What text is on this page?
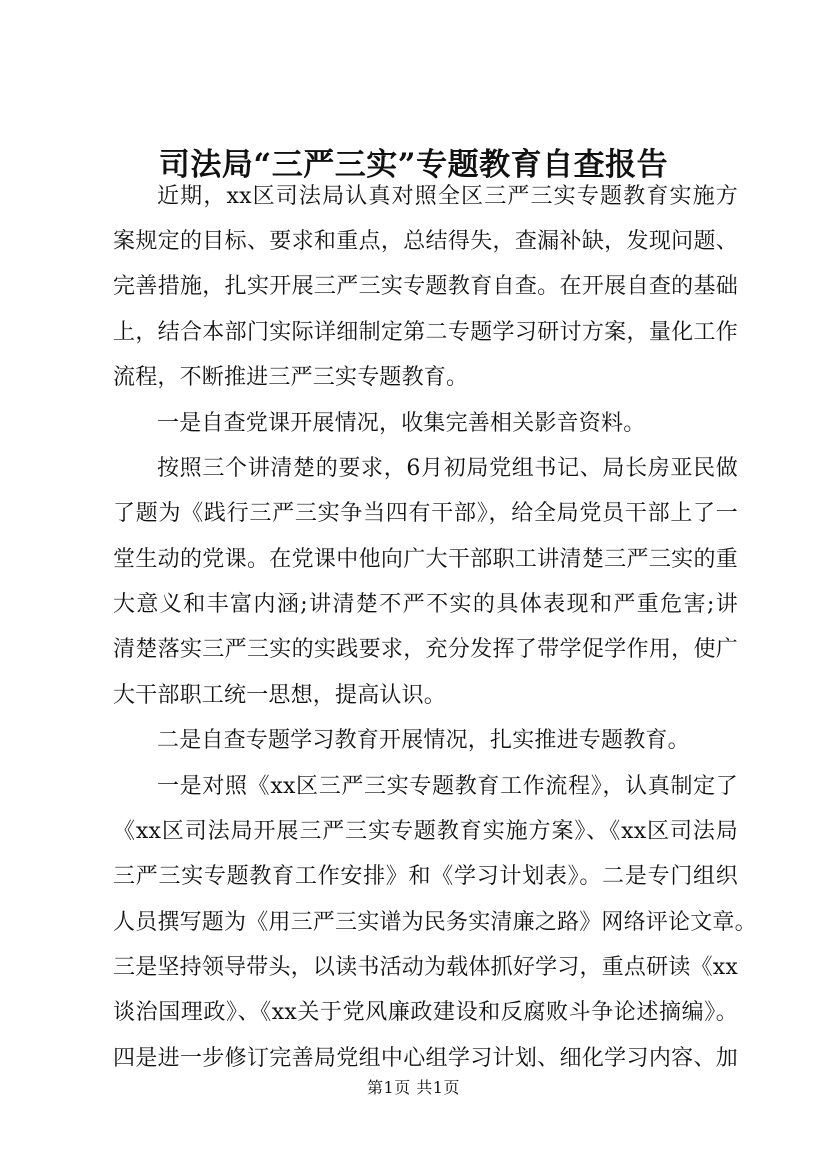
司法局“三严三实”专题教育自查报告
近期，xx区司法局认真对照全区三严三实专题教育实施方
案规定的目标、要求和重点，总结得失，查漏补缺，发现问题、
完善措施，扎实开展三严三实专题教育自查。在开展自查的基础
上，结合本部门实际详细制定第二专题学习研讨方案，量化工作
流程，不断推进三严三实专题教育。
一是自查党课开展情况，收集完善相关影音资料。
按照三个讲清楚的要求，6月初局党组书记、局长房亚民做
了题为《践行三严三实争当四有干部》，给全局党员干部上了一
堂生动的党课。在党课中他向广大干部职工讲清楚三严三实的重
大意义和丰富内涵;讲清楚不严不实的具体表现和严重危害;讲
清楚落实三严三实的实践要求，充分发挥了带学促学作用，使广
大干部职工统一思想，提高认识。
二是自查专题学习教育开展情况，扎实推进专题教育。
一是对照《xx区三严三实专题教育工作流程》，认真制定了
《xx区司法局开展三严三实专题教育实施方案》、《xx区司法局
三严三实专题教育工作安排》和《学习计划表》。二是专门组织
人员撰写题为《用三严三实谱为民务实清廉之路》网络评论文章。
三是坚持领导带头，以读书活动为载体抓好学习，重点研读《xx
谈治国理政》、《xx关于党风廉政建设和反腐败斗争论述摘编》。
四是进一步修订完善局党组中心组学习计划、细化学习内容、加
第1页 共1页
